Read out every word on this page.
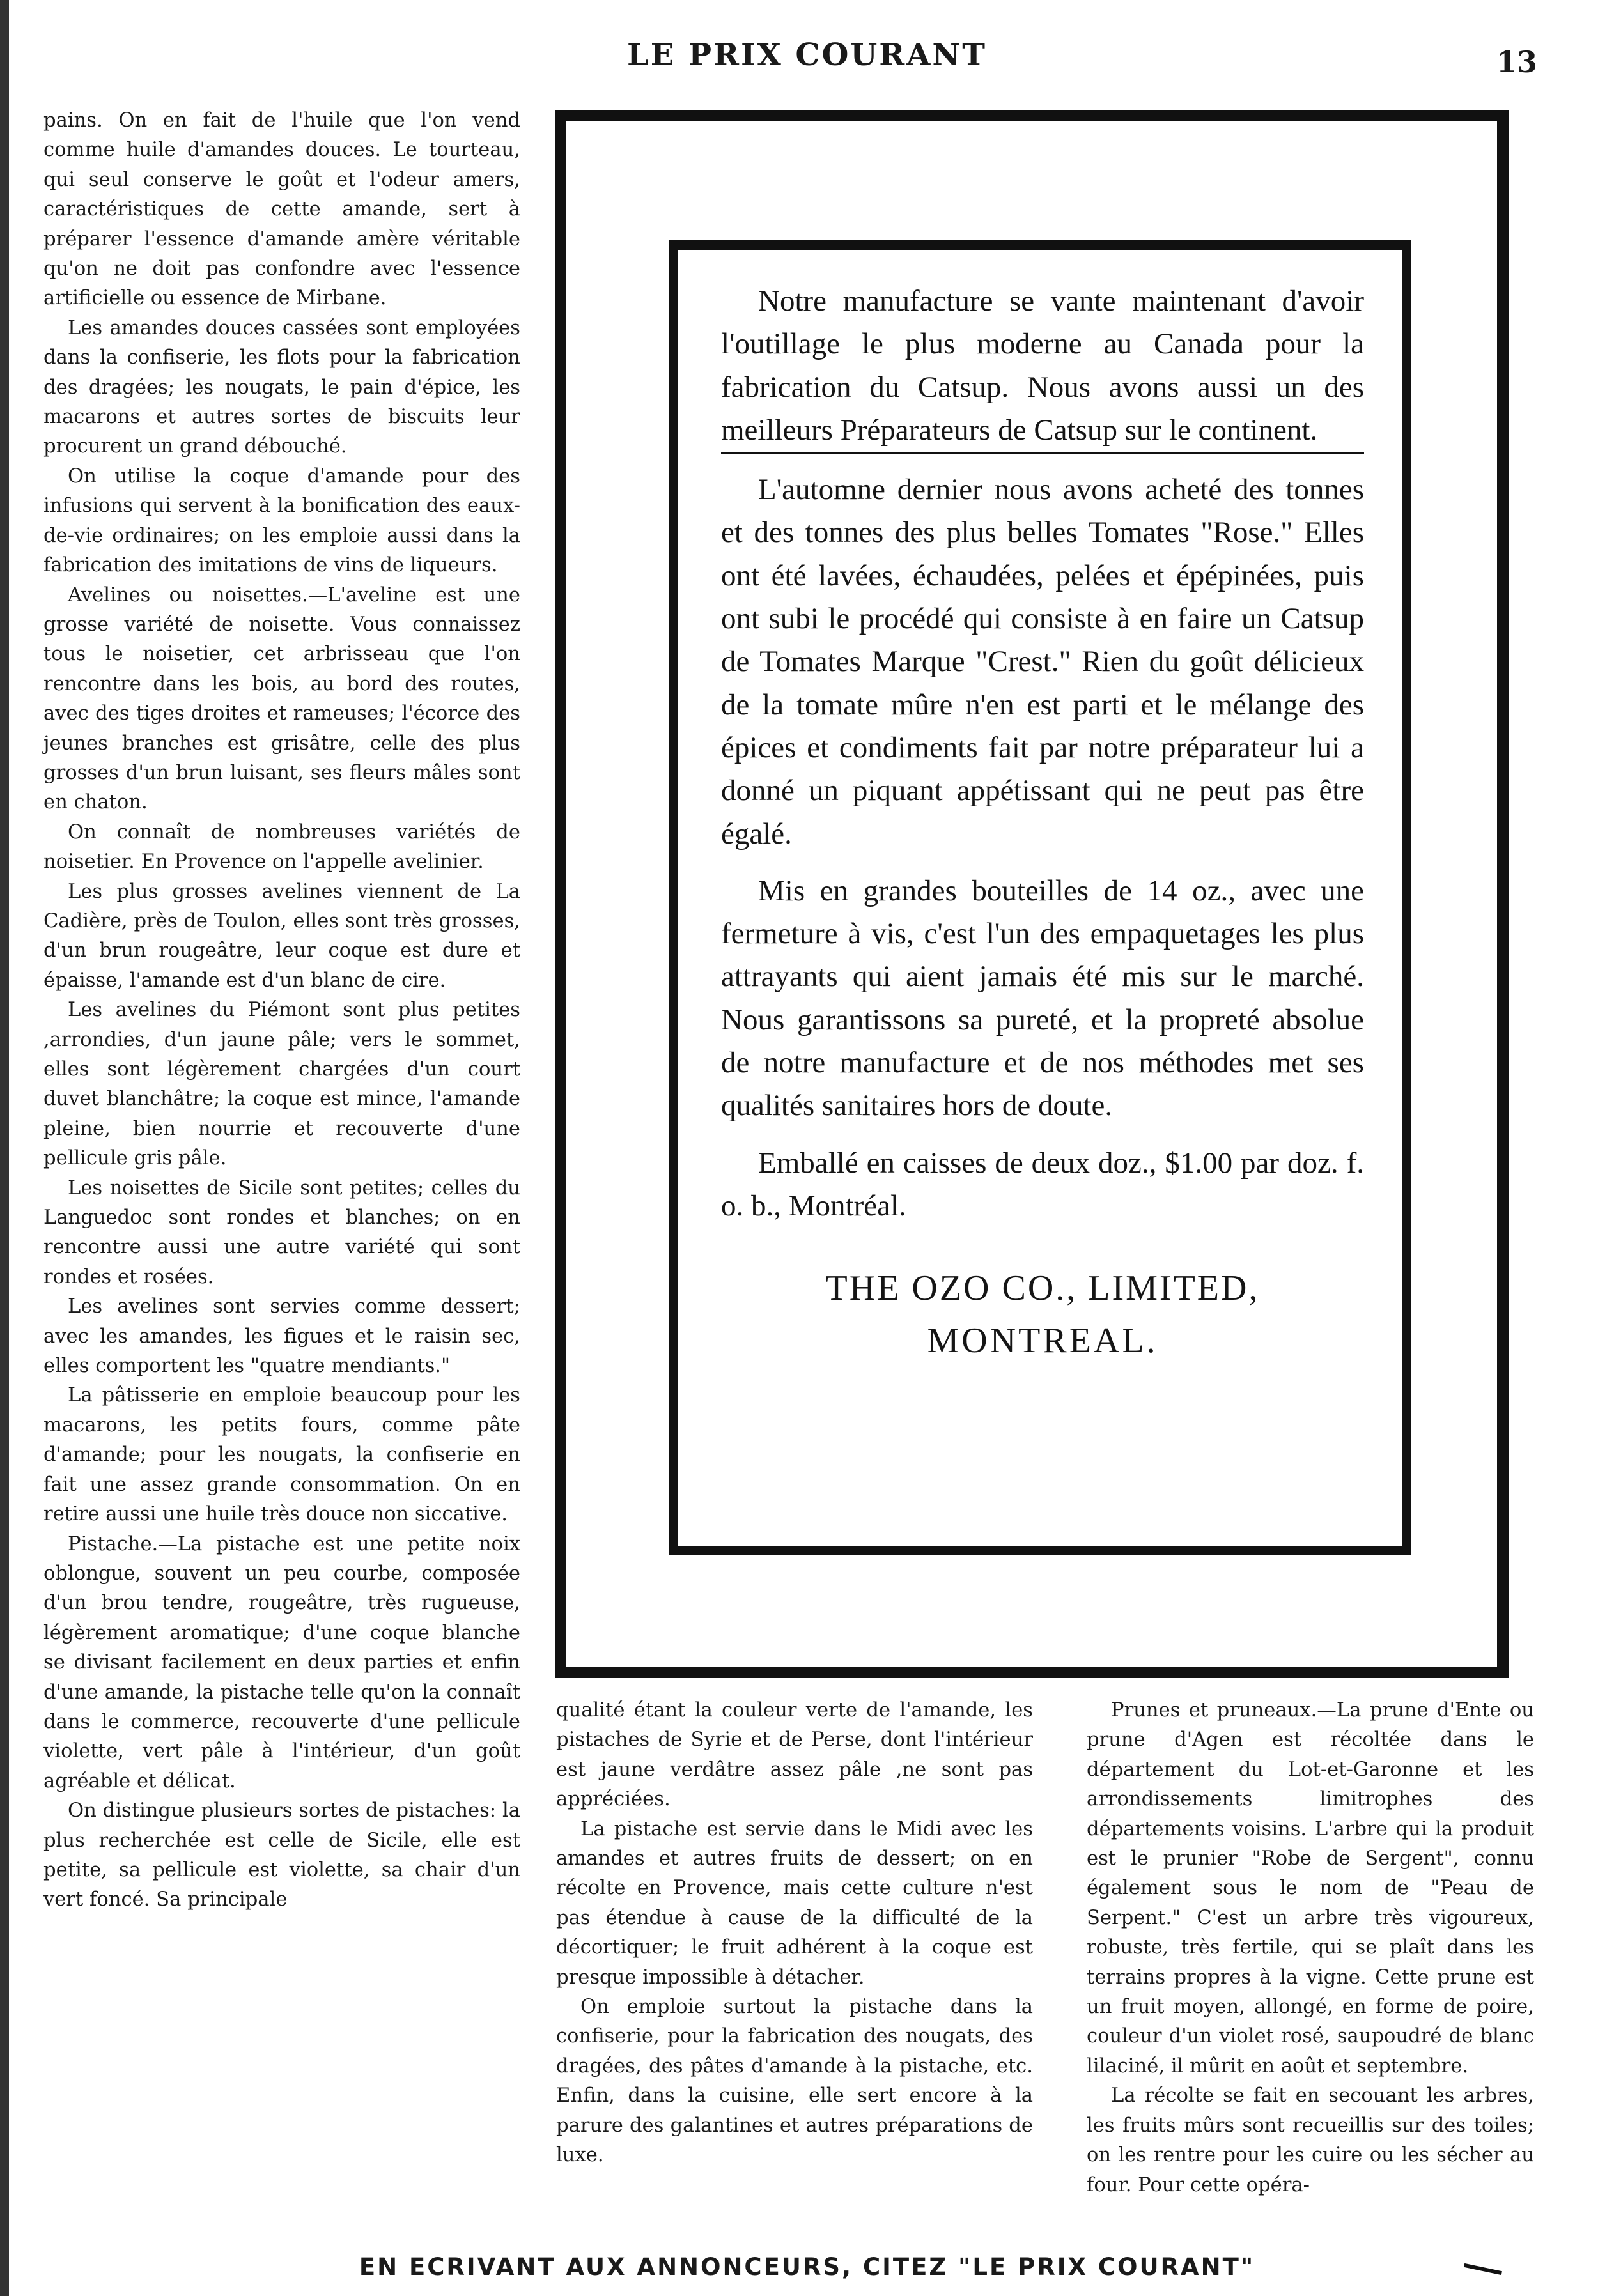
LE PRIX COURANT	13

pains. On en fait de l'huile que l'on vend comme huile d'amandes douces. Le tourteau, qui seul conserve le goût et l'odeur amers, caractéristiques de cette amande, sert à préparer l'essence d'amande amère véritable qu'on ne doit pas confondre avec l'essence artificielle ou essence de Mirbane.

Les amandes douces cassées sont employées dans la confiserie, les flots pour la fabrication des dragées; les nougats, le pain d'épice, les macarons et autres sortes de biscuits leur procurent un grand débouché.

On utilise la coque d'amande pour des infusions qui servent à la bonification des eaux-de-vie ordinaires; on les emploie aussi dans la fabrication des imitations de vins de liqueurs.

Avelines ou noisettes.—L'aveline est une grosse variété de noisette. Vous connaissez tous le noisetier, cet arbrisseau que l'on rencontre dans les bois, au bord des routes, avec des tiges droites et rameuses; l'écorce des jeunes branches est grisâtre, celle des plus grosses d'un brun luisant, ses fleurs mâles sont en chaton.

On connaît de nombreuses variétés de noisetier. En Provence on l'appelle avelinier.

Les plus grosses avelines viennent de La Cadière, près de Toulon, elles sont très grosses, d'un brun rougeâtre, leur coque est dure et épaisse, l'amande est d'un blanc de cire.

Les avelines du Piémont sont plus petites ,arrondies, d'un jaune pâle; vers le sommet, elles sont légèrement chargées d'un court duvet blanchâtre; la coque est mince, l'amande pleine, bien nourrie et recouverte d'une pellicule gris pâle.

Les noisettes de Sicile sont petites; celles du Languedoc sont rondes et blanches; on en rencontre aussi une autre variété qui sont rondes et rosées.

Les avelines sont servies comme dessert; avec les amandes, les figues et le raisin sec, elles comportent les "quatre mendiants."

La pâtisserie en emploie beaucoup pour les macarons, les petits fours, comme pâte d'amande; pour les nougats, la confiserie en fait une assez grande consommation. On en retire aussi une huile très douce non siccative.

Pistache.—La pistache est une petite noix oblongue, souvent un peu courbe, composée d'un brou tendre, rougeâtre, très rugueuse, légèrement aromatique; d'une coque blanche se divisant facilement en deux parties et enfin d'une amande, la pistache telle qu'on la connaît dans le commerce, recouverte d'une pellicule violette, vert pâle à l'intérieur, d'un goût agréable et délicat.

On distingue plusieurs sortes de pistaches: la plus recherchée est celle de Sicile, elle est petite, sa pellicule est violette, sa chair d'un vert foncé. Sa principale

Notre manufacture se vante maintenant d'avoir l'outillage le plus moderne au Canada pour la fabrication du Catsup. Nous avons aussi un des meilleurs Préparateurs de Catsup sur le continent.

L'automne dernier nous avons acheté des tonnes et des tonnes des plus belles Tomates "Rose." Elles ont été lavées, échaudées, pelées et épépinées, puis ont subi le procédé qui consiste à en faire un Catsup de Tomates Marque "Crest." Rien du goût délicieux de la tomate mûre n'en est parti et le mélange des épices et condiments fait par notre préparateur lui a donné un piquant appétissant qui ne peut pas être égalé.

Mis en grandes bouteilles de 14 oz., avec une fermeture à vis, c'est l'un des empaquetages les plus attrayants qui aient jamais été mis sur le marché. Nous garantissons sa pureté, et la propreté absolue de notre manufacture et de nos méthodes met ses qualités sanitaires hors de doute.

Emballé en caisses de deux doz., $1.00 par doz. f. o. b., Montréal.

THE OZO CO., LIMITED,
MONTREAL.

qualité étant la couleur verte de l'amande, les pistaches de Syrie et de Perse, dont l'intérieur est jaune verdâtre assez pâle ,ne sont pas appréciées.

La pistache est servie dans le Midi avec les amandes et autres fruits de dessert; on en récolte en Provence, mais cette culture n'est pas étendue à cause de la difficulté de la décortiquer; le fruit adhérent à la coque est presque impossible à détacher.

On emploie surtout la pistache dans la confiserie, pour la fabrication des nougats, des dragées, des pâtes d'amande à la pistache, etc. Enfin, dans la cuisine, elle sert encore à la parure des galantines et autres préparations de luxe.

Prunes et pruneaux.—La prune d'Ente ou prune d'Agen est récoltée dans le département du Lot-et-Garonne et les arrondissements limitrophes des départements voisins. L'arbre qui la produit est le prunier "Robe de Sergent", connu également sous le nom de "Peau de Serpent." C'est un arbre très vigoureux, robuste, très fertile, qui se plaît dans les terrains propres à la vigne. Cette prune est un fruit moyen, allongé, en forme de poire, couleur d'un violet rosé, saupoudré de blanc lilaciné, il mûrit en août et septembre.

La récolte se fait en secouant les arbres, les fruits mûrs sont recueillis sur des toiles; on les rentre pour les cuire ou les sécher au four. Pour cette opéra-

EN ECRIVANT AUX ANNONCEURS, CITEZ "LE PRIX COURANT"
